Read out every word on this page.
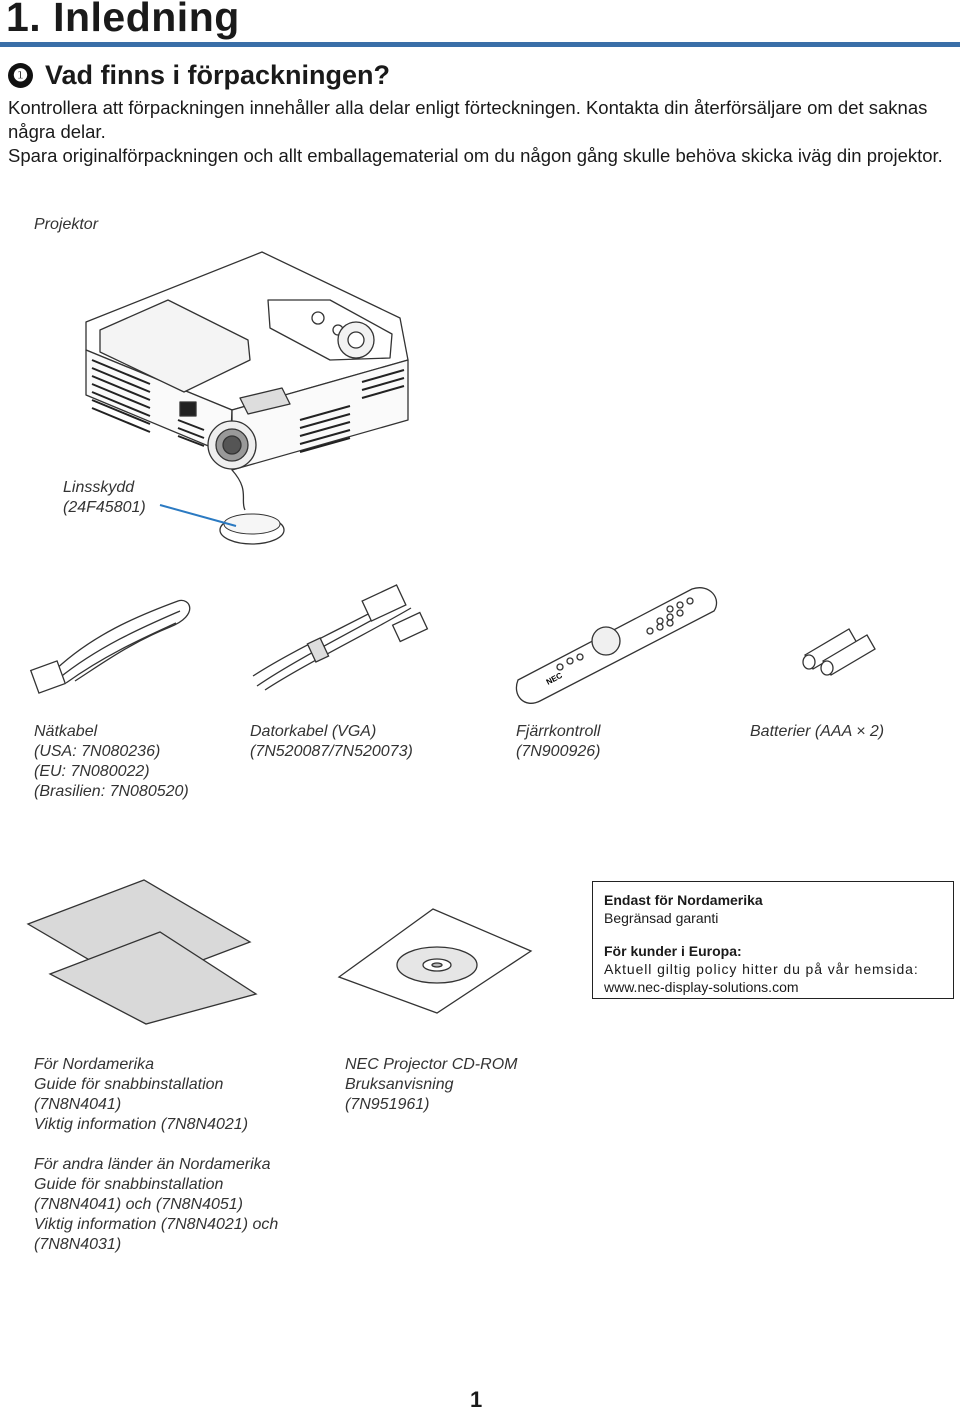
1. Inledning
❶ Vad finns i förpackningen?

Kontrollera att förpackningen innehåller alla delar enligt förteckningen. Kontakta din återförsäljare om det saknas några delar.

Spara originalförpackningen och allt emballagematerial om du någon gång skulle behöva skicka iväg din projektor.

Projektor
Linsskydd
(24F45801)
NEC
Nätkabel
(USA: 7N080236)
(EU: 7N080022)
(Brasilien: 7N080520)
Datorkabel (VGA)
(7N520087/7N520073)
Fjärrkontroll
(7N900926)
Batterier (AAA × 2)
Endast för Nordamerika
Begränsad garanti
För kunder i Europa:
Aktuell giltig policy hitter du på vår hemsida:
www.nec-display-solutions.com
För Nordamerika
Guide för snabbinstallation
(7N8N4041)
Viktig information (7N8N4021)
NEC Projector CD-ROM
Bruksanvisning
(7N951961)
För andra länder än Nordamerika
Guide för snabbinstallation
(7N8N4041) och (7N8N4051)
Viktig information (7N8N4021) och
(7N8N4031)
1
